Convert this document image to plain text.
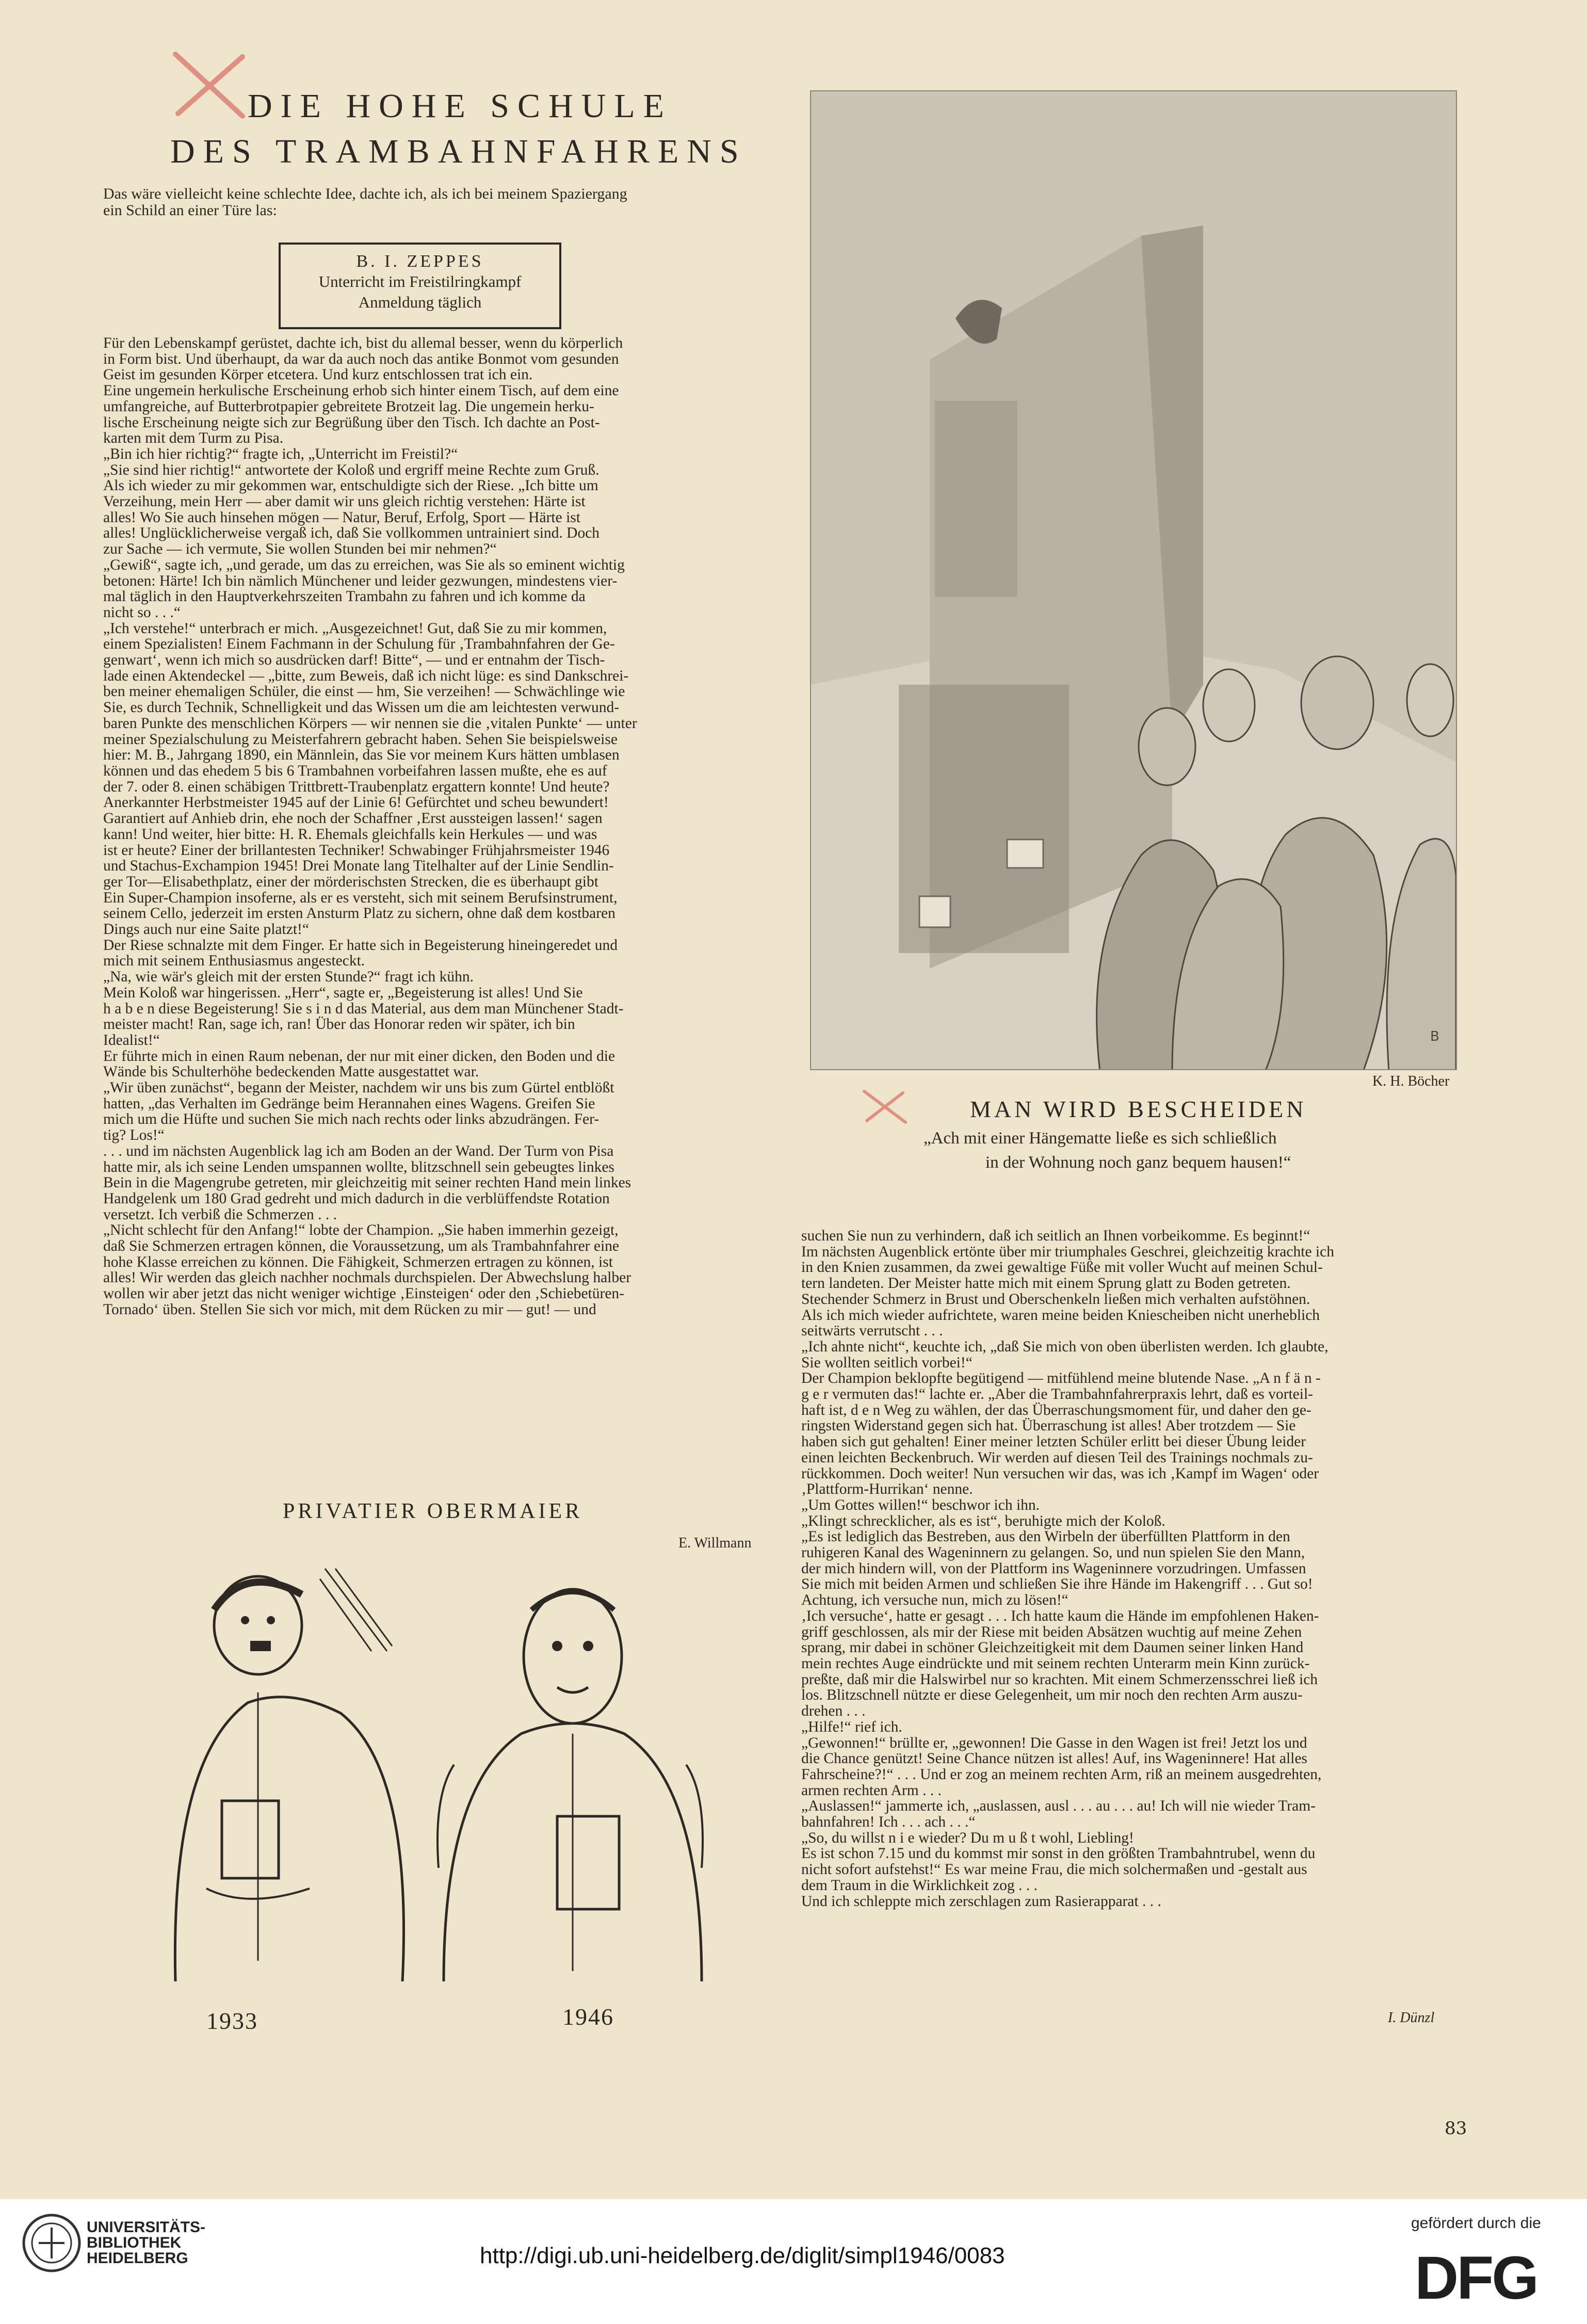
DIE HOHE SCHULE
DES TRAMBAHNFAHRENS
Das wäre vielleicht keine schlechte Idee, dachte ich, als ich bei meinem Spaziergang
ein Schild an einer Türe las:
B. I. ZEPPES
Unterricht im Freistilringkampf
Anmeldung täglich
Für den Lebenskampf gerüstet, dachte ich, bist du allemal besser, wenn du körperlich
in Form bist. Und überhaupt, da war da auch noch das antike Bonmot vom gesunden
Geist im gesunden Körper etcetera. Und kurz entschlossen trat ich ein.
Eine ungemein herkulische Erscheinung erhob sich hinter einem Tisch, auf dem eine
umfangreiche, auf Butterbrotpapier gebreitete Brotzeit lag. Die ungemein herku-
lische Erscheinung neigte sich zur Begrüßung über den Tisch. Ich dachte an Post-
karten mit dem Turm zu Pisa.
„Bin ich hier richtig?“ fragte ich, „Unterricht im Freistil?“
„Sie sind hier richtig!“ antwortete der Koloß und ergriff meine Rechte zum Gruß.
Als ich wieder zu mir gekommen war, entschuldigte sich der Riese. „Ich bitte um
Verzeihung, mein Herr — aber damit wir uns gleich richtig verstehen: Härte ist
alles! Wo Sie auch hinsehen mögen — Natur, Beruf, Erfolg, Sport — Härte ist
alles! Unglücklicherweise vergaß ich, daß Sie vollkommen untrainiert sind. Doch
zur Sache — ich vermute, Sie wollen Stunden bei mir nehmen?“
„Gewiß“, sagte ich, „und gerade, um das zu erreichen, was Sie als so eminent wichtig
betonen: Härte! Ich bin nämlich Münchener und leider gezwungen, mindestens vier-
mal täglich in den Hauptverkehrszeiten Trambahn zu fahren und ich komme da
nicht so . . .“
„Ich verstehe!“ unterbrach er mich. „Ausgezeichnet! Gut, daß Sie zu mir kommen,
einem Spezialisten! Einem Fachmann in der Schulung für ‚Trambahnfahren der Ge-
genwart‘, wenn ich mich so ausdrücken darf! Bitte“, — und er entnahm der Tisch-
lade einen Aktendeckel — „bitte, zum Beweis, daß ich nicht lüge: es sind Dankschrei-
ben meiner ehemaligen Schüler, die einst — hm, Sie verzeihen! — Schwächlinge wie
Sie, es durch Technik, Schnelligkeit und das Wissen um die am leichtesten verwund-
baren Punkte des menschlichen Körpers — wir nennen sie die ‚vitalen Punkte‘ — unter
meiner Spezialschulung zu Meisterfahrern gebracht haben. Sehen Sie beispielsweise
hier: M. B., Jahrgang 1890, ein Männlein, das Sie vor meinem Kurs hätten umblasen
können und das ehedem 5 bis 6 Trambahnen vorbeifahren lassen mußte, ehe es auf
der 7. oder 8. einen schäbigen Trittbrett-Traubenplatz ergattern konnte! Und heute?
Anerkannter Herbstmeister 1945 auf der Linie 6! Gefürchtet und scheu bewundert!
Garantiert auf Anhieb drin, ehe noch der Schaffner ‚Erst aussteigen lassen!‘ sagen
kann! Und weiter, hier bitte: H. R. Ehemals gleichfalls kein Herkules — und was
ist er heute? Einer der brillantesten Techniker! Schwabinger Frühjahrsmeister 1946
und Stachus-Exchampion 1945! Drei Monate lang Titelhalter auf der Linie Sendlin-
ger Tor—Elisabethplatz, einer der mörderischsten Strecken, die es überhaupt gibt
Ein Super-Champion insoferne, als er es versteht, sich mit seinem Berufsinstrument,
seinem Cello, jederzeit im ersten Ansturm Platz zu sichern, ohne daß dem kostbaren
Dings auch nur eine Saite platzt!“
Der Riese schnalzte mit dem Finger. Er hatte sich in Begeisterung hineingeredet und
mich mit seinem Enthusiasmus angesteckt.
„Na, wie wär's gleich mit der ersten Stunde?“ fragt ich kühn.
Mein Koloß war hingerissen. „Herr“, sagte er, „Begeisterung ist alles! Und Sie
h a b e n diese Begeisterung! Sie s i n d das Material, aus dem man Münchener Stadt-
meister macht! Ran, sage ich, ran! Über das Honorar reden wir später, ich bin
Idealist!“
Er führte mich in einen Raum nebenan, der nur mit einer dicken, den Boden und die
Wände bis Schulterhöhe bedeckenden Matte ausgestattet war.
„Wir üben zunächst“, begann der Meister, nachdem wir uns bis zum Gürtel entblößt
hatten, „das Verhalten im Gedränge beim Herannahen eines Wagens. Greifen Sie
mich um die Hüfte und suchen Sie mich nach rechts oder links abzudrängen. Fer-
tig? Los!“
. . . und im nächsten Augenblick lag ich am Boden an der Wand. Der Turm von Pisa
hatte mir, als ich seine Lenden umspannen wollte, blitzschnell sein gebeugtes linkes
Bein in die Magengrube getreten, mir gleichzeitig mit seiner rechten Hand mein linkes
Handgelenk um 180 Grad gedreht und mich dadurch in die verblüffendste Rotation
versetzt. Ich verbiß die Schmerzen . . .
„Nicht schlecht für den Anfang!“ lobte der Champion. „Sie haben immerhin gezeigt,
daß Sie Schmerzen ertragen können, die Voraussetzung, um als Trambahnfahrer eine
hohe Klasse erreichen zu können. Die Fähigkeit, Schmerzen ertragen zu können, ist
alles! Wir werden das gleich nachher nochmals durchspielen. Der Abwechslung halber
wollen wir aber jetzt das nicht weniger wichtige ‚Einsteigen‘ oder den ‚Schiebetüren-
Tornado‘ üben. Stellen Sie sich vor mich, mit dem Rücken zu mir — gut! — und
B
K. H. Böcher
MAN WIRD BESCHEIDEN
„Ach mit einer Hängematte ließe es sich schließlich
in der Wohnung noch ganz bequem hausen!“
suchen Sie nun zu verhindern, daß ich seitlich an Ihnen vorbeikomme. Es beginnt!“
Im nächsten Augenblick ertönte über mir triumphales Geschrei, gleichzeitig krachte ich
in den Knien zusammen, da zwei gewaltige Füße mit voller Wucht auf meinen Schul-
tern landeten. Der Meister hatte mich mit einem Sprung glatt zu Boden getreten.
Stechender Schmerz in Brust und Oberschenkeln ließen mich verhalten aufstöhnen.
Als ich mich wieder aufrichtete, waren meine beiden Kniescheiben nicht unerheblich
seitwärts verrutscht . . .
„Ich ahnte nicht“, keuchte ich, „daß Sie mich von oben überlisten werden. Ich glaubte,
Sie wollten seitlich vorbei!“
Der Champion beklopfte begütigend — mitfühlend meine blutende Nase. „A n f ä n -
g e r vermuten das!“ lachte er. „Aber die Trambahnfahrerpraxis lehrt, daß es vorteil-
haft ist, d e n Weg zu wählen, der das Überraschungsmoment für, und daher den ge-
ringsten Widerstand gegen sich hat. Überraschung ist alles! Aber trotzdem — Sie
haben sich gut gehalten! Einer meiner letzten Schüler erlitt bei dieser Übung leider
einen leichten Beckenbruch. Wir werden auf diesen Teil des Trainings nochmals zu-
rückkommen. Doch weiter! Nun versuchen wir das, was ich ‚Kampf im Wagen‘ oder
‚Plattform-Hurrikan‘ nenne.
„Um Gottes willen!“ beschwor ich ihn.
„Klingt schrecklicher, als es ist“, beruhigte mich der Koloß.
„Es ist lediglich das Bestreben, aus den Wirbeln der überfüllten Plattform in den
ruhigeren Kanal des Wageninnern zu gelangen. So, und nun spielen Sie den Mann,
der mich hindern will, von der Plattform ins Wageninnere vorzudringen. Umfassen
Sie mich mit beiden Armen und schließen Sie ihre Hände im Hakengriff . . . Gut so!
Achtung, ich versuche nun, mich zu lösen!“
‚Ich versuche‘, hatte er gesagt . . . Ich hatte kaum die Hände im empfohlenen Haken-
griff geschlossen, als mir der Riese mit beiden Absätzen wuchtig auf meine Zehen
sprang, mir dabei in schöner Gleichzeitigkeit mit dem Daumen seiner linken Hand
mein rechtes Auge eindrückte und mit seinem rechten Unterarm mein Kinn zurück-
preßte, daß mir die Halswirbel nur so krachten. Mit einem Schmerzensschrei ließ ich
los. Blitzschnell nützte er diese Gelegenheit, um mir noch den rechten Arm auszu-
drehen . . .
„Hilfe!“ rief ich.
„Gewonnen!“ brüllte er, „gewonnen! Die Gasse in den Wagen ist frei! Jetzt los und
die Chance genützt! Seine Chance nützen ist alles! Auf, ins Wageninnere! Hat alles
Fahrscheine?!“ . . . Und er zog an meinem rechten Arm, riß an meinem ausgedrehten,
armen rechten Arm . . .
„Auslassen!“ jammerte ich, „auslassen, ausl . . . au . . . au! Ich will nie wieder Tram-
bahnfahren! Ich . . . ach . . .“
„So, du willst n i e wieder? Du m u ß t wohl, Liebling!
Es ist schon 7.15 und du kommst mir sonst in den größten Trambahntrubel, wenn du
nicht sofort aufstehst!“ Es war meine Frau, die mich solchermaßen und -gestalt aus
dem Traum in die Wirklichkeit zog . . .
Und ich schleppte mich zerschlagen zum Rasierapparat . . .
I. Dünzl
PRIVATIER OBERMAIER
E. Willmann
1933	1946
83
UNIVERSITÄTS-
BIBLIOTHEK
HEIDELBERG	http://digi.ub.uni-heidelberg.de/diglit/simpl1946/0083
gefördert durch die
DFG
